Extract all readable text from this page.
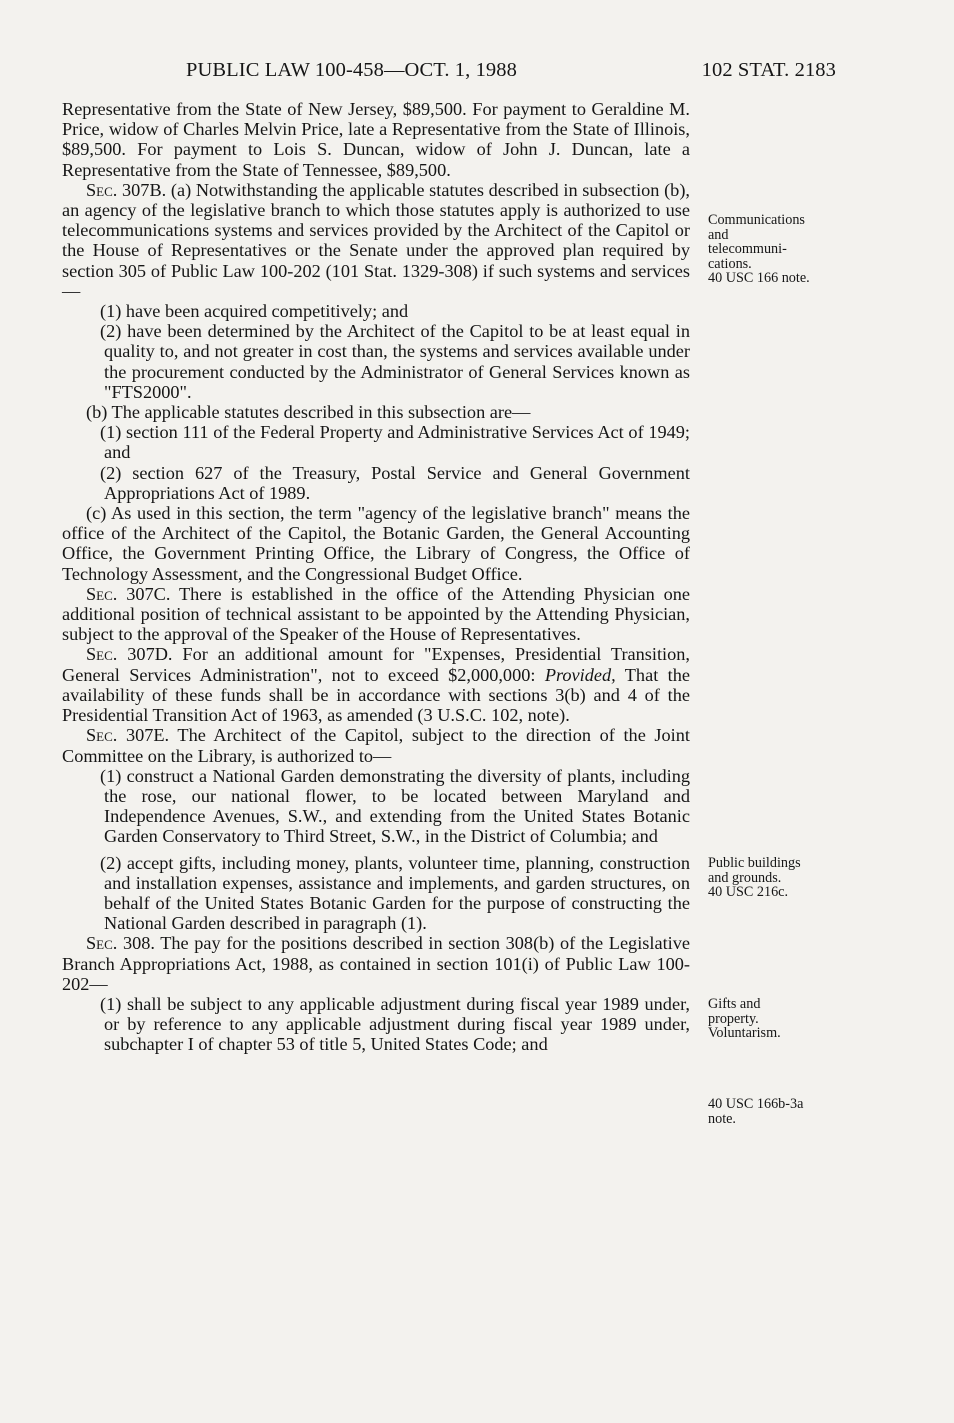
PUBLIC LAW 100-458—OCT. 1, 1988	102 STAT. 2183

Representative from the State of New Jersey, $89,500. For payment to Geraldine M. Price, widow of Charles Melvin Price, late a Representative from the State of Illinois, $89,500. For payment to Lois S. Duncan, widow of John J. Duncan, late a Representative from the State of Tennessee, $89,500.

Sec. 307B. (a) Notwithstanding the applicable statutes described in subsection (b), an agency of the legislative branch to which those statutes apply is authorized to use telecommunications systems and services provided by the Architect of the Capitol or the House of Representatives or the Senate under the approved plan required by section 305 of Public Law 100-202 (101 Stat. 1329-308) if such systems and services—

(1) have been acquired competitively; and

(2) have been determined by the Architect of the Capitol to be at least equal in quality to, and not greater in cost than, the systems and services available under the procurement conducted by the Administrator of General Services known as "FTS2000".

(b) The applicable statutes described in this subsection are—

(1) section 111 of the Federal Property and Administrative Services Act of 1949; and

(2) section 627 of the Treasury, Postal Service and General Government Appropriations Act of 1989.

(c) As used in this section, the term "agency of the legislative branch" means the office of the Architect of the Capitol, the Botanic Garden, the General Accounting Office, the Government Printing Office, the Library of Congress, the Office of Technology Assessment, and the Congressional Budget Office.

Sec. 307C. There is established in the office of the Attending Physician one additional position of technical assistant to be appointed by the Attending Physician, subject to the approval of the Speaker of the House of Representatives.

Sec. 307D. For an additional amount for "Expenses, Presidential Transition, General Services Administration", not to exceed $2,000,000: Provided, That the availability of these funds shall be in accordance with sections 3(b) and 4 of the Presidential Transition Act of 1963, as amended (3 U.S.C. 102, note).

Sec. 307E. The Architect of the Capitol, subject to the direction of the Joint Committee on the Library, is authorized to—

(1) construct a National Garden demonstrating the diversity of plants, including the rose, our national flower, to be located between Maryland and Independence Avenues, S.W., and extending from the United States Botanic Garden Conservatory to Third Street, S.W., in the District of Columbia; and

(2) accept gifts, including money, plants, volunteer time, planning, construction and installation expenses, assistance and implements, and garden structures, on behalf of the United States Botanic Garden for the purpose of constructing the National Garden described in paragraph (1).

Sec. 308. The pay for the positions described in section 308(b) of the Legislative Branch Appropriations Act, 1988, as contained in section 101(i) of Public Law 100-202—

(1) shall be subject to any applicable adjustment during fiscal year 1989 under, or by reference to any applicable adjustment during fiscal year 1989 under, subchapter I of chapter 53 of title 5, United States Code; and

Communications
and
telecommuni-
cations.
40 USC 166 note.
Public buildings
and grounds.
40 USC 216c.
Gifts and
property.
Voluntarism.
40 USC 166b-3a
note.
